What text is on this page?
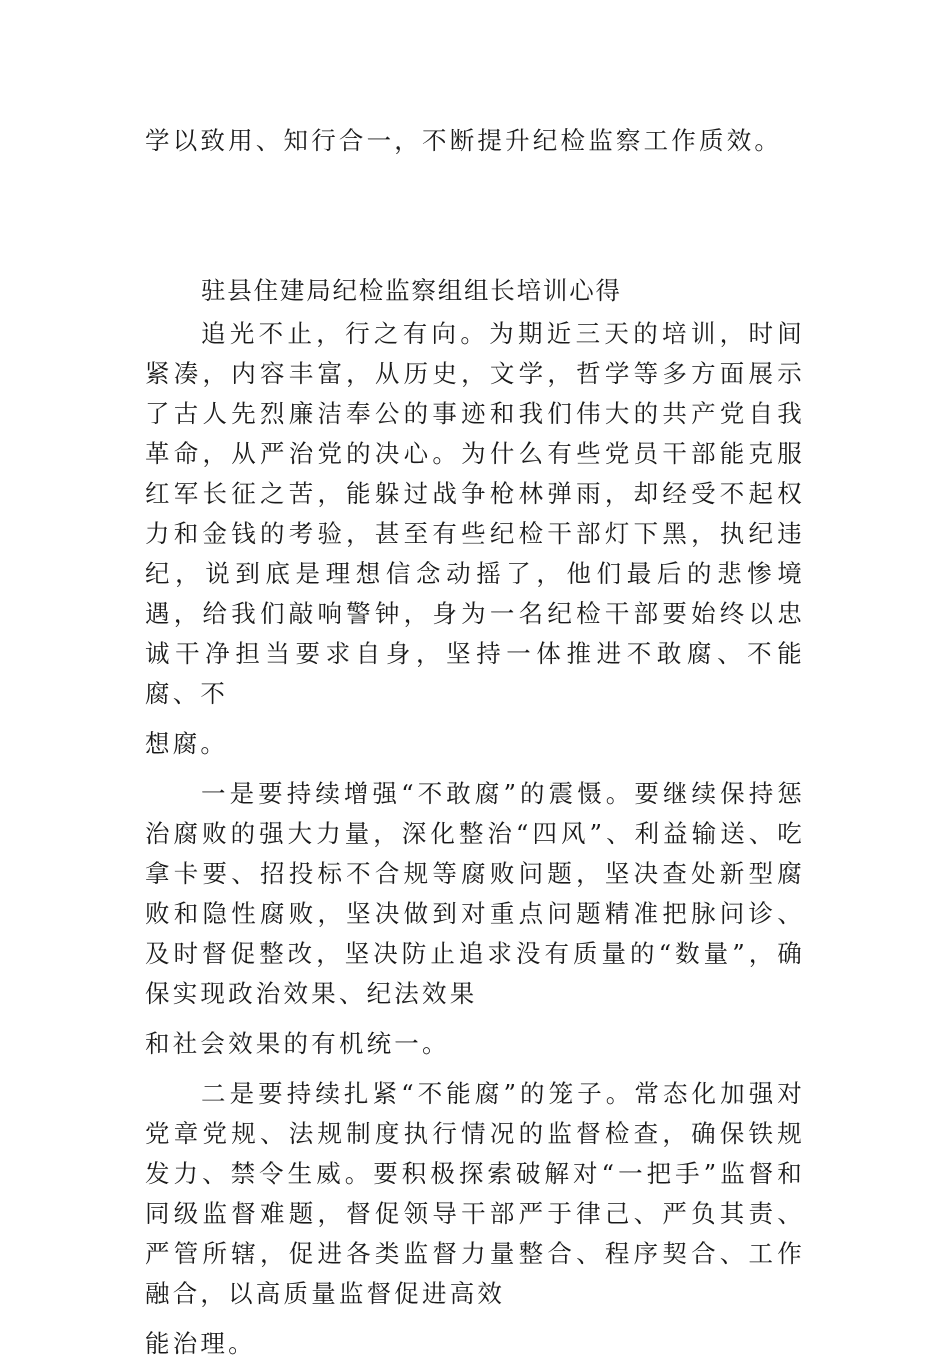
学以致用、知行合一，不断提升纪检监察工作质效。

驻县住建局纪检监察组组长培训心得

追光不止，行之有向。为期近三天的培训，时间紧凑，内容丰富，从历史，文学，哲学等多方面展示了古人先烈廉洁奉公的事迹和我们伟大的共产党自我革命，从严治党的决心。为什么有些党员干部能克服红军长征之苦，能躲过战争枪林弹雨，却经受不起权力和金钱的考验，甚至有些纪检干部灯下黑，执纪违纪，说到底是理想信念动摇了，他们最后的悲惨境遇，给我们敲响警钟，身为一名纪检干部要始终以忠诚干净担当要求自身，坚持一体推进不敢腐、不能腐、不
想腐。

一是要持续增强“不敢腐”的震慑。要继续保持惩治腐败的强大力量，深化整治“四风”、利益输送、吃拿卡要、招投标不合规等腐败问题，坚决查处新型腐败和隐性腐败，坚决做到对重点问题精准把脉问诊、及时督促整改，坚决防止追求没有质量的“数量”，确保实现政治效果、纪法效果
和社会效果的有机统一。

二是要持续扎紧“不能腐”的笼子。常态化加强对党章党规、法规制度执行情况的监督检查，确保铁规发力、禁令生威。要积极探索破解对“一把手”监督和同级监督难题，督促领导干部严于律己、严负其责、严管所辖，促进各类监督力量整合、程序契合、工作融合，以高质量监督促进高效
能治理。
